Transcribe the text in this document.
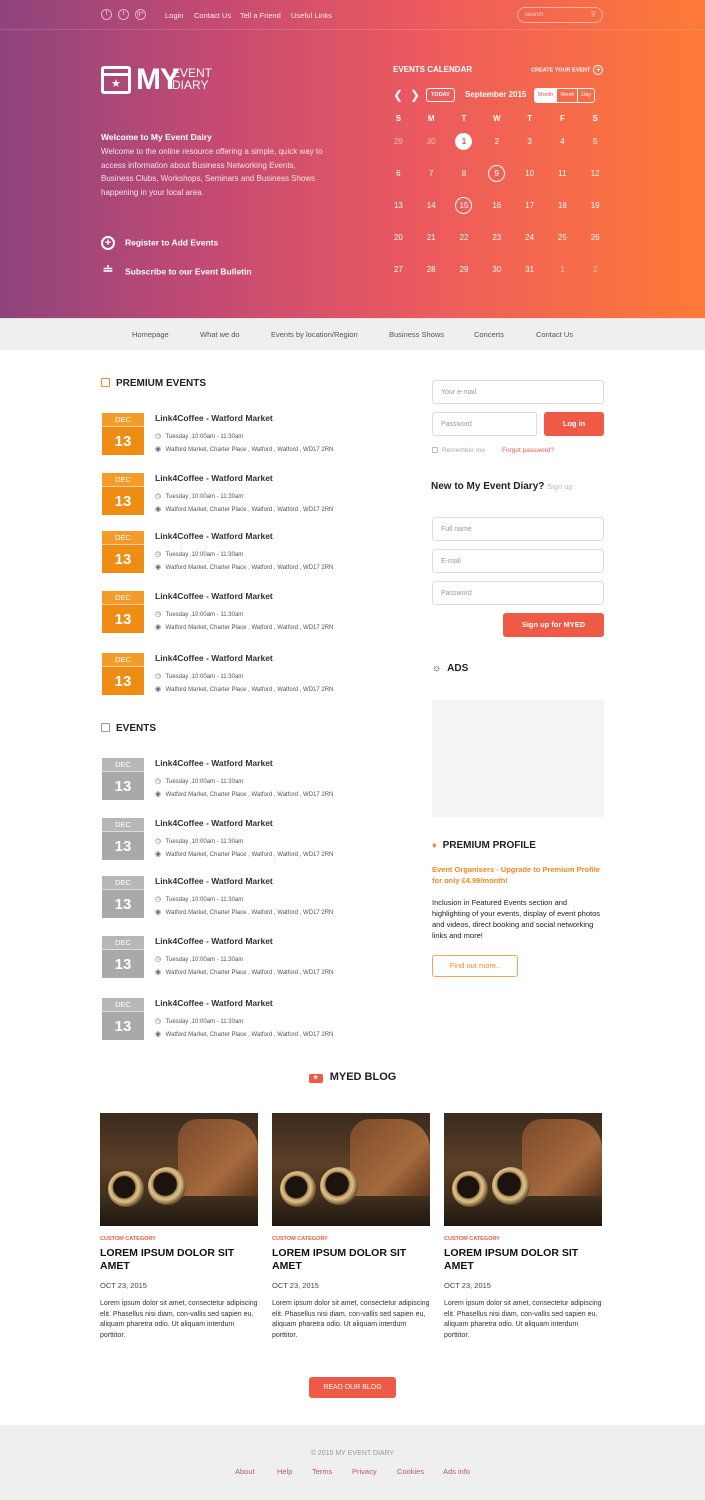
f	t	g+	Login Contact Us Tell a Friend Useful Links	search	⚲
★ MY
EVENT
DIARY
Welcome to My Event Dairy
Welcome to the online resource offering a simple, quick way to access information about Business Networking Events, Business Clubs, Workshops, Seminars and Business Shows happening in your local area.
+ Register to Add Events
≐ Subscribe to our Event Bulletin
EVENTS CALENDAR	CREATE YOUR EVENT +
❮ ❯	TODAY	September 2015	Month	Week	Day
S	M	T	W	T	F	S
29	30	1	2	3	4	5
6	7	8	9	10	11	12
13	14	15	16	17	18	19
20	21	22	23	24	25	26
27	28	29	30	31	1	2
Homepage	What we do	Events by location/Region	Business Shows	Concerts	Contact Us
PREMIUM EVENTS
DEC
13
Link4Coffee - Watford Market
◷ Tuesday ,10:00am - 11:30am
◉ Watford Market, Charter Place , Watford , Watford , WD17 2RN
DEC
13
Link4Coffee - Watford Market
◷ Tuesday ,10:00am - 11:30am
◉ Watford Market, Charter Place , Watford , Watford , WD17 2RN
DEC
13
Link4Coffee - Watford Market
◷ Tuesday ,10:00am - 11:30am
◉ Watford Market, Charter Place , Watford , Watford , WD17 2RN
DEC
13
Link4Coffee - Watford Market
◷ Tuesday ,10:00am - 11:30am
◉ Watford Market, Charter Place , Watford , Watford , WD17 2RN
DEC
13
Link4Coffee - Watford Market
◷ Tuesday ,10:00am - 11:30am
◉ Watford Market, Charter Place , Watford , Watford , WD17 2RN
EVENTS
DEC
13
Link4Coffee - Watford Market
◷ Tuesday ,10:00am - 11:30am
◉ Watford Market, Charter Place , Watford , Watford , WD17 2RN
DEC
13
Link4Coffee - Watford Market
◷ Tuesday ,10:00am - 11:30am
◉ Watford Market, Charter Place , Watford , Watford , WD17 2RN
DEC
13
Link4Coffee - Watford Market
◷ Tuesday ,10:00am - 11:30am
◉ Watford Market, Charter Place , Watford , Watford , WD17 2RN
DEC
13
Link4Coffee - Watford Market
◷ Tuesday ,10:00am - 11:30am
◉ Watford Market, Charter Place , Watford , Watford , WD17 2RN
DEC
13
Link4Coffee - Watford Market
◷ Tuesday ,10:00am - 11:30am
◉ Watford Market, Charter Place , Watford , Watford , WD17 2RN
Your e-mail
Password	Log in
Remember me	Forgot password?
New to My Event Diary? Sign up
Full name
E-mail
Password
Sign up for MYED
☼ ADS
♦ PREMIUM PROFILE
Event Organisers - Upgrade to Premium Profile for only £4.99/month!
Inclusion in Featured Events section and highlighting of your events, display of event photos and videos, direct booking and social networking links and more!
Find out more..
★ MYED BLOG
CUSTOM CATEGORY
LOREM IPSUM DOLOR SIT AMET
OCT 23, 2015
Lorem ipsum dolor sit amet, consectetur adipiscing elit. Phasellus nisi diam, con-vallis sed sapien eu, aliquam pharetra odio. Ut aliquam interdum porttitor.
CUSTOM CATEGORY
LOREM IPSUM DOLOR SIT AMET
OCT 23, 2015
Lorem ipsum dolor sit amet, consectetur adipiscing elit. Phasellus nisi diam, con-vallis sed sapien eu, aliquam pharetra odio. Ut aliquam interdum porttitor.
CUSTOM CATEGORY
LOREM IPSUM DOLOR SIT AMET
OCT 23, 2015
Lorem ipsum dolor sit amet, consectetur adipiscing elit. Phasellus nisi diam, con-vallis sed sapien eu, aliquam pharetra odio. Ut aliquam interdum porttitor.
READ OUR BLOG
© 2015 MY EVENT DIARY
About	Help	Terms	Privacy	Cookies	Ads info
